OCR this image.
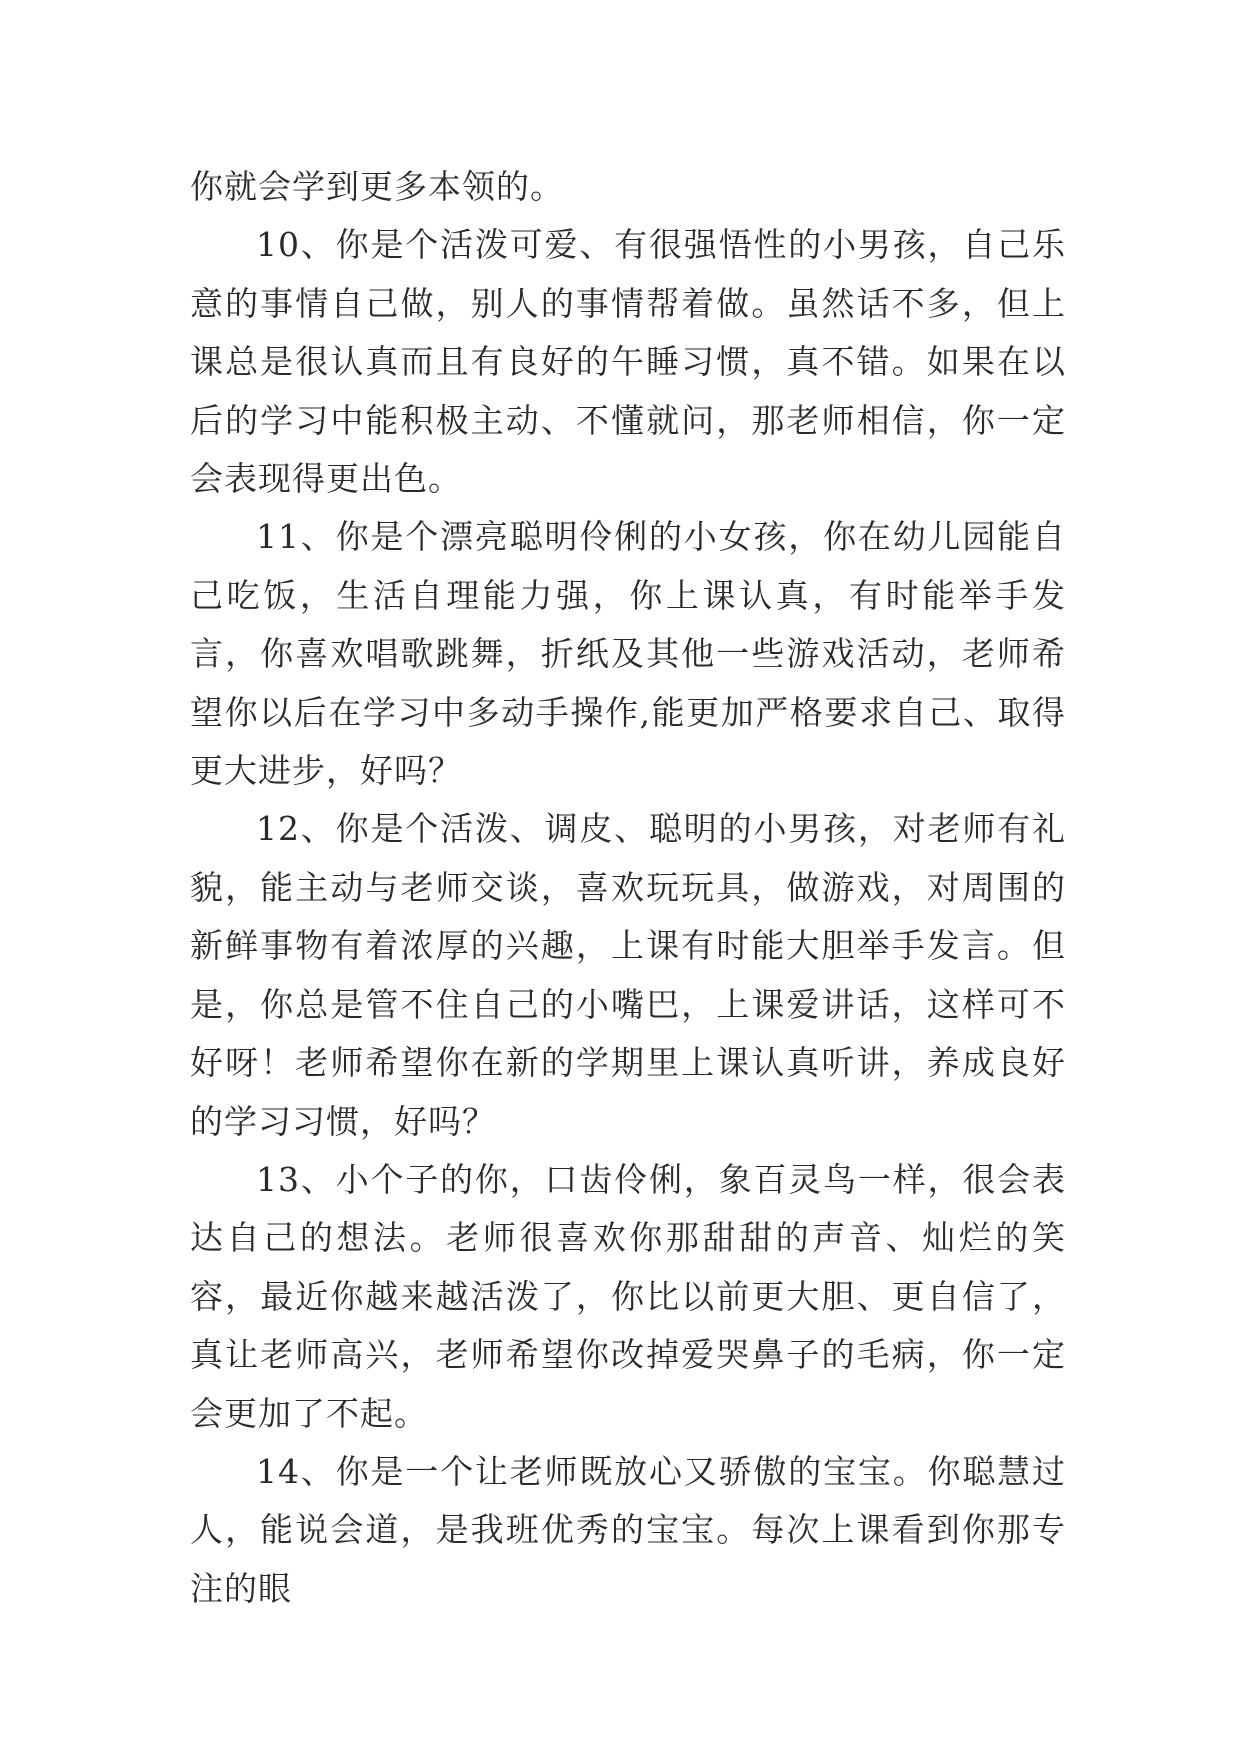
你就会学到更多本领的。

10、你是个活泼可爱、有很强悟性的小男孩，自己乐意的事情自己做，别人的事情帮着做。虽然话不多，但上课总是很认真而且有良好的午睡习惯，真不错。如果在以后的学习中能积极主动、不懂就问，那老师相信，你一定会表现得更出色。

11、你是个漂亮聪明伶俐的小女孩，你在幼儿园能自己吃饭，生活自理能力强，你上课认真，有时能举手发言，你喜欢唱歌跳舞，折纸及其他一些游戏活动，老师希望你以后在学习中多动手操作,能更加严格要求自己、取得更大进步，好吗？

12、你是个活泼、调皮、聪明的小男孩，对老师有礼貌，能主动与老师交谈，喜欢玩玩具，做游戏，对周围的新鲜事物有着浓厚的兴趣，上课有时能大胆举手发言。但是，你总是管不住自己的小嘴巴，上课爱讲话，这样可不好呀！老师希望你在新的学期里上课认真听讲，养成良好的学习习惯，好吗？

13、小个子的你，口齿伶俐，象百灵鸟一样，很会表达自己的想法。老师很喜欢你那甜甜的声音、灿烂的笑容，最近你越来越活泼了，你比以前更大胆、更自信了，真让老师高兴，老师希望你改掉爱哭鼻子的毛病，你一定会更加了不起。

14、你是一个让老师既放心又骄傲的宝宝。你聪慧过人，能说会道，是我班优秀的宝宝。每次上课看到你那专注的眼
